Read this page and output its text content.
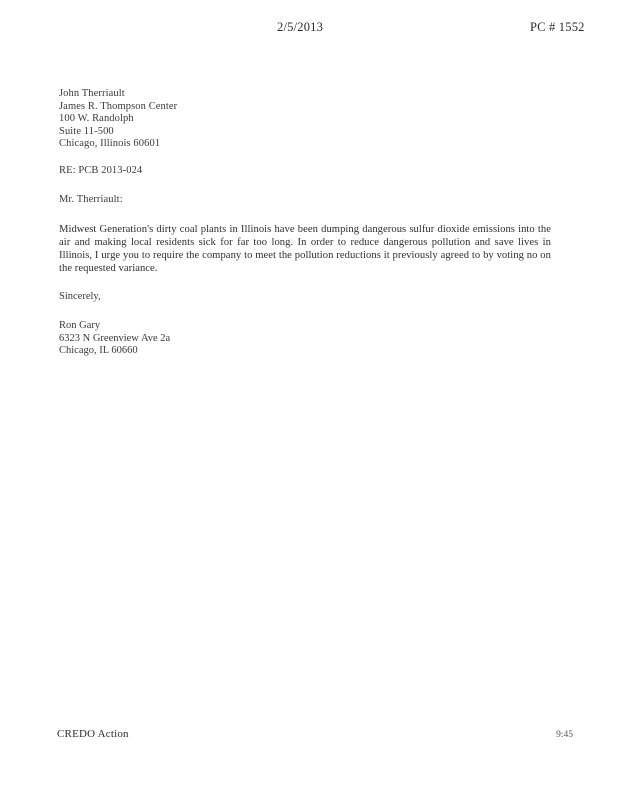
2/5/2013	PC # 1552
John Therriault
James R. Thompson Center
100 W. Randolph
Suite 11-500
Chicago, Illinois 60601
RE: PCB 2013-024
Mr. Therriault:
Midwest Generation's dirty coal plants in Illinois have been dumping dangerous sulfur dioxide emissions into the air and making local residents sick for far too long. In order to reduce dangerous pollution and save lives in Illinois, I urge you to require the company to meet the pollution reductions it previously agreed to by voting no on the requested variance.
Sincerely,
Ron Gary
6323 N Greenview Ave 2a
Chicago, IL 60660
CREDO Action	9:45
